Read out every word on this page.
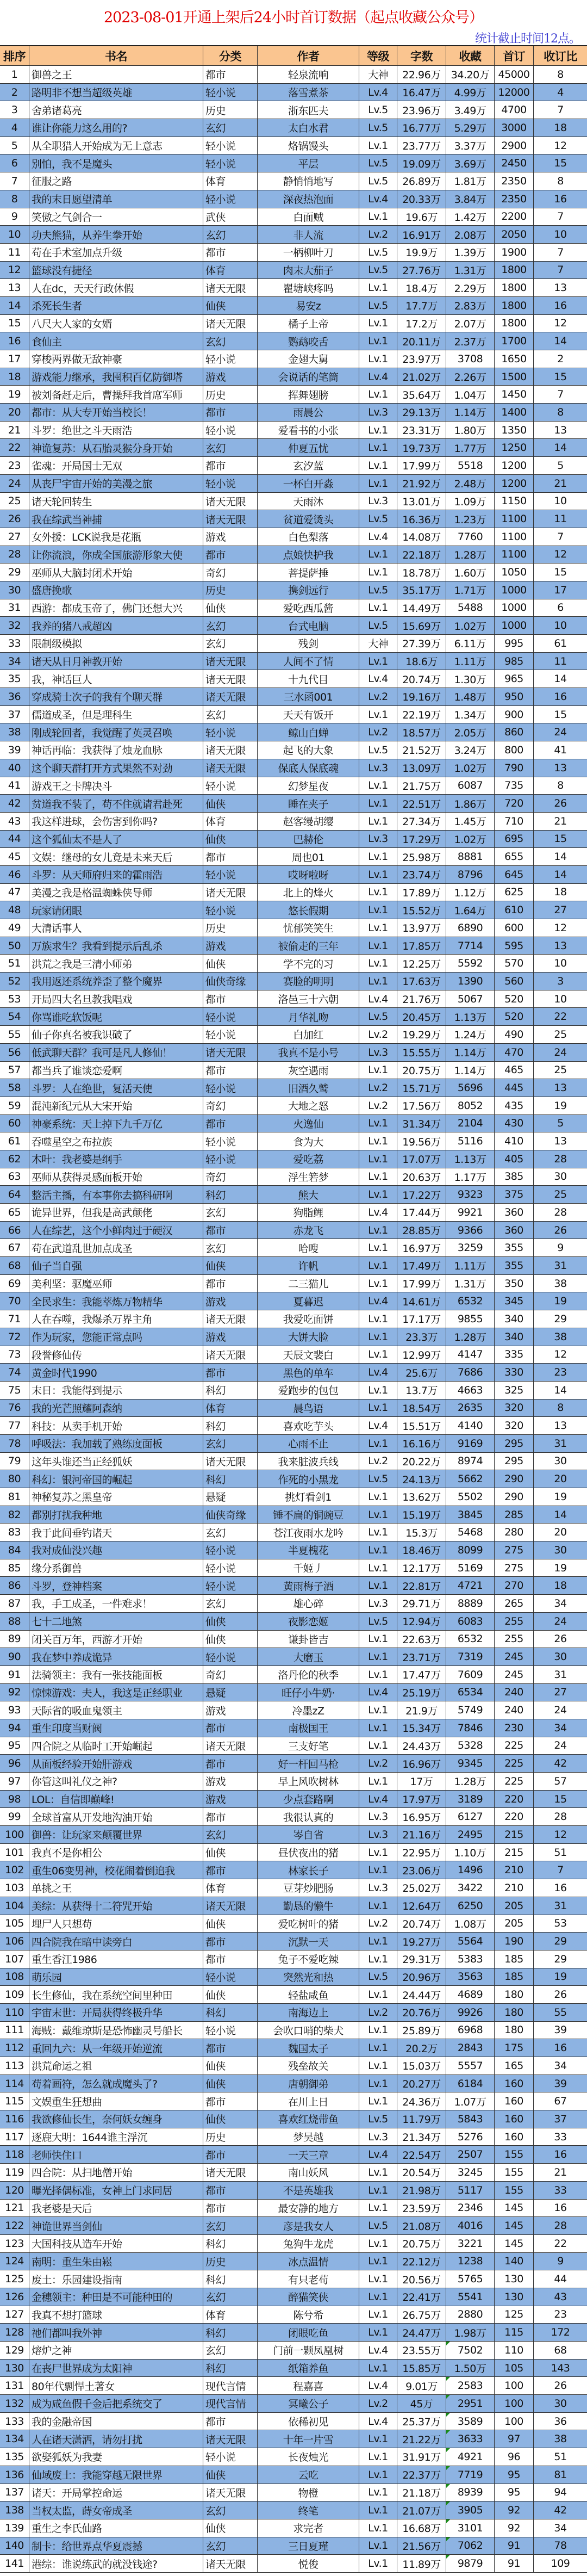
2023-08-01开通上架后24小时首订数据（起点收藏公众号）
统计截止时间12点。
排序	书名	分类	作者	等级	字数	收藏	首订	收订比
1	御兽之王	都市	轻泉流响	大神	22.96万	34.20万 45000	8
2	路明非不想当超级英雄	轻小说	落雪煮茶	Lv.4	16.47万	4.99万	12000	4
3	舍弟诸葛亮	历史	浙东匹夫	Lv.5	23.96万	3.49万	4700	7
4	谁让你能力这么用的?	玄幻	太白水君	Lv.5	16.77万	5.29万	3000	18
5	从全职猎人开始成为无上意志	轻小说	烙锅馒头	Lv.1	23.77万	3.37万	2900	12
6	别怕，我不是魔头	轻小说	平层	Lv.5	19.09万	3.69万	2450	15
7	征服之路	体育	静悄悄地写	Lv.5	26.89万	1.81万	2350	8
8	我的末日愿望清单	轻小说	深夜热泡面	Lv.4	20.33万	3.84万	2350	16
9	笑傲之气剑合一	武侠	白面贼	Lv.1	19.6万	1.42万	2200	7
10	功夫熊猫，从养生拳开始	玄幻	非人流	Lv.2	16.91万	2.08万	2050	10
11	苟在手术室加点升级	都市	一柄柳叶刀	Lv.5	19.9万	1.39万	1900	7
12	篮球没有捷径	体育	肉末大茄子	Lv.5	27.76万	1.31万	1800	7
13	人在dc，天天行政休假	诸天无限	瞿塘峡疼吗	Lv.1	18.4万	2.29万	1800	13
14	杀死长生者	仙侠	易安z	Lv.5	17.7万	2.83万	1800	16
15	八尺大人家的女婿	诸天无限	橘子上帝	Lv.1	17.2万	2.07万	1800	12
16	食仙主	玄幻	鹦鹉咬舌	Lv.1	20.11万	2.37万	1700	14
17	穿梭两界做无敌神豪	轻小说	金翅大舅	Lv.1	23.97万	3708	1650	2
18	游戏能力继承，我囤积百亿防御塔	游戏	会说话的笔筒	Lv.4	21.02万	2.26万	1500	15
19	被刘备赶走后，曹操拜我首席军师	历史	挥舞翅膀	Lv.1	35.64万	1.04万	1450	7
20	都市：从大专开始当校长！	都市	雨晨公	Lv.3	29.13万	1.14万	1400	8
21	斗罗：绝世之斗天雨浩	轻小说	爱看书的小张	Lv.1	23.31万	1.80万	1350	13
22	神诡复苏：从石胎灵猴分身开始	玄幻	仲夏五忧	Lv.1	19.73万	1.77万	1250	14
23	雀魂：开局国士无双	都市	玄汐蓝	Lv.1	17.99万	5518	1200	5
24	从丧尸宇宙开始的美漫之旅	轻小说	一杯白开淼	Lv.1	21.92万	2.48万	1200	21
25	诸天轮回转生	诸天无限	天雨沐	Lv.3	13.01万	1.09万	1150	10
26	我在综武当神捕	诸天无限	贫道爱烫头	Lv.5	16.36万	1.23万	1100	11
27	女外援：LCK说我是花瓶	游戏	白色梨落	Lv.4	14.08万	7760	1100	7
28	让你流浪，你成全国旅游形象大使	都市	点娘快护我	Lv.1	22.18万	1.28万	1100	12
29	巫师从大脑封闭术开始	奇幻	菩提萨捶	Lv.1	18.78万	1.60万	1050	15
30	盛唐挽歌	历史	携剑远行	Lv.5	35.17万	1.71万	1000	17
31	西游：都成玉帝了，佛门还想大兴	仙侠	爱吃西瓜酱	Lv.1	14.49万	5488	1000	6
32	我养的猪八戒超凶	玄幻	台式电脑	Lv.5	15.69万	1.02万	1000	10
33	限制级模拟	玄幻	残剑	大神	27.39万	6.11万	995	61
34	诸天从日月神教开始	诸天无限	人间不了情	Lv.1	18.6万	1.11万	985	11
35	我，神话巨人	诸天无限	十九代目	Lv.4	20.74万	1.30万	965	14
36	穿成骑士次子的我有个聊天群	诸天无限	三水函001	Lv.2	19.16万	1.48万	950	16
37	儒道成圣，但是理科生	玄幻	天天有饭开	Lv.1	22.19万	1.34万	900	15
38	刚成轮回者，我觉醒了英灵召唤	轻小说	鲸山白蝉	Lv.2	18.57万	2.05万	860	24
39	神话再临：我获得了烛龙血脉	诸天无限	起飞的大象	Lv.5	21.52万	3.24万	800	41
40	这个聊天群打开方式果然不对劲	诸天无限	保底人保底魂	Lv.3	13.09万	1.02万	790	13
41	游戏王之卡牌决斗	轻小说	幻梦星夜	Lv.1	21.75万	6087	735	8
42	贫道我不装了，苟不住就请君赴死	仙侠	睡在夹子	Lv.1	22.51万	1.86万	720	26
43	我这样进球，会伤害到你吗?	体育	赵客缦胡缨	Lv.1	27.34万	1.45万	710	21
44	这个狐仙太不是人了	仙侠	巴赫伦	Lv.3	17.29万	1.02万	695	15
45	文娱：继母的女儿竟是未来天后	都市	周也01	Lv.1	25.98万	8881	655	14
46	斗罗：从天师府归来的霍雨浩	轻小说	哎呀啦呀	Lv.1	23.74万	8796	645	14
47	美漫之我是格温蜘蛛侠导师	诸天无限	北上的烽火	Lv.1	17.89万	1.12万	625	18
48	玩家请闭眼	轻小说	悠长假期	Lv.1	15.52万	1.64万	610	27
49	大清话事人	历史	忧郁笑笑生	Lv.1	13.97万	6890	600	12
50	万族求生？我看到提示后乱杀	游戏	被偷走的三年	Lv.1	17.85万	7714	595	13
51	洪荒之我是三清小师弟	仙侠	学不完的习	Lv.1	12.25万	5592	570	10
52	我用返还系统养歪了整个魔界	仙侠奇缘	赛脸的明明	Lv.1	17.63万	1390	560	3
53	开局四大名旦教我唱戏	都市	洛邑三十六朝	Lv.4	21.76万	5067	520	10
54	你骂谁吃软饭呢	轻小说	月华礼吻	Lv.5	20.45万	1.13万	520	22
55	仙子你真名被我识破了	轻小说	白加红	Lv.2	19.29万	1.24万	490	25
56	低武聊天群？我可是凡人修仙！	诸天无限	我真不是小号	Lv.3	15.55万	1.14万	470	24
57	都当兵了谁谈恋爱啊	都市	灰空遇雨	Lv.1	20.75万	1.14万	465	25
58	斗罗：人在绝世，复活天使	轻小说	旧酒久鹫	Lv.2	15.71万	5696	445	13
59	混沌新纪元从大宋开始	奇幻	大地之怒	Lv.2	17.56万	8052	435	19
60	神豪系统：天上掉下九千万亿	都市	火逸仙	Lv.1	31.34万	2104	430	5
61	吞噬星空之布拉族	轻小说	食为大	Lv.1	19.56万	5116	410	13
62	木叶：我老婆是纲手	轻小说	爱吃荔	Lv.1	17.07万	1.13万	405	28
63	巫师从获得灵感面板开始	奇幻	浮生箬梦	Lv.1	20.63万	1.17万	385	30
64	整活主播，有本事你去搞科研啊	科幻	熊大	Lv.1	17.22万	9323	375	25
65	诡异世界，但我是高武颠佬	玄幻	狗脂鲤	Lv.4	17.44万	9921	360	28
66	人在综艺，这个小鲜肉过于硬汉	都市	赤龙飞	Lv.1	28.85万	9366	360	26
67	苟在武道乱世加点成圣	玄幻	哈嗖	Lv.1	16.97万	3259	355	9
68	仙子当自强	仙侠	许帆	Lv.1	17.49万	1.11万	355	31
69	美利坚：驱魔巫师	都市	二三猫儿	Lv.1	17.99万	1.31万	350	38
70	全民求生：我能萃炼万物精华	游戏	夏暮迟	Lv.4	14.61万	6532	345	19
71	人在吞噬，我爆杀万界主角	诸天无限	我爱吃面饼	Lv.1	17.17万	9855	340	29
72	作为玩家，您能正常点吗	游戏	大饼大脸	Lv.1	23.3万	1.28万	340	38
73	段誉修仙传	诸天无限	天辰文裴白	Lv.1	12.99万	4147	335	12
74	黄金时代1990	都市	黑色的单车	Lv.4	25.6万	7686	330	23
75	末日：我能得到提示	科幻	爱跑步的包包	Lv.1	13.7万	4663	325	14
76	我的光芒照耀阿森纳	体育	晨鸟语	Lv.1	18.54万	2635	320	8
77	科技：从卖手机开始	科幻	喜欢吃芋头	Lv.4	15.51万	4140	320	13
78	呼吸法：我加载了熟练度面板	玄幻	心雨不止	Lv.1	16.16万	9169	295	31
79	这年头谁还当正经狐妖	诸天无限	我来脏波兵线	Lv.2	20.22万	8974	295	30
80	科幻：银河帝国的崛起	科幻	作死的小黑龙	Lv.5	24.13万	5662	290	20
81	神秘复苏之黑皇帝	悬疑	挑灯看剑1	Lv.1	13.62万	5502	290	19
82	都别打扰我种地	仙侠奇缘	锤不扁的铜豌豆	Lv.1	15.19万	3845	285	14
83	我于此间垂钓诸天	玄幻	苍江夜雨水龙吟	Lv.1	15.3万	5468	280	20
84	我对成仙没兴趣	轻小说	半夏槐花	Lv.1	18.46万	8099	275	30
85	缘分系御兽	轻小说	千姬丿	Lv.1	12.17万	5169	275	19
86	斗罗，登神档案	轻小说	黄雨梅子酒	Lv.1	22.81万	4721	270	18
87	我，手工成圣，一件难求！	玄幻	雄心碎	Lv.3	29.71万	8889	265	34
88	七十二地煞	仙侠	夜影恋姬	Lv.5	12.94万	6083	255	24
89	闭关百万年，西游才开始	仙侠	谦卦皆吉	Lv.1	22.63万	6532	255	26
90	我在梦中养成诡异	轻小说	大磨玉	Lv.1	23.71万	7319	245	30
91	法骑领主：我有一张技能面板	奇幻	洛丹伦的秋季	Lv.1	17.47万	7609	245	31
92	惊悚游戏：夫人，我这是正经职业	悬疑	旺仔小牛奶·	Lv.4	25.19万	6534	240	27
93	天际省的吸血鬼领主	游戏	冷墨zZ	Lv.1	21.9万	5749	240	24
94	重生印度当财阀	都市	南极国王	Lv.1	15.34万	7846	230	34
95	四合院之从临时工开始崛起	诸天无限	三支好笔	Lv.1	24.43万	5328	225	24
96	从面板经验开始肝游戏	都市	好一杆回马枪	Lv.2	16.96万	9345	225	42
97	你管这叫礼仪之神?	游戏	早上风吹树林	Lv.1	17万	1.28万	225	57
98	LOL：自信即巅峰!	游戏	少点套路啊	Lv.4	17.97万	3189	220	15
99	全球首富从开发地沟油开始	都市	我很认真的	Lv.3	16.95万	6127	220	28
100 御兽：让玩家来颠覆世界	玄幻	岑自省	Lv.3	21.16万	2495	215	12
101 我真不是你相公	仙侠	昼伏夜出的猪	Lv.1	22.95万	1.10万	215	51
102 重生06变男神，校花闹着倒追我	都市	林家长子	Lv.1	23.06万	1496	210	7
103 单挑之王	体育	豆芽炒肥肠	Lv.3	25.02万	3422	210	16
104 美综：从获得十二符咒开始	诸天无限	勤恳的懒牛	Lv.1	12.64万	6250	205	31
105 埋尸人只想苟	仙侠	爱吃树叶的猪	Lv.2	20.74万	1.08万	205	53
106 四合院我在暗中读旁白	都市	沉默一天	Lv.1	19.27万	5564	190	29
107 重生香江1986	都市	兔子不爱吃辣	Lv.1	29.31万	5383	185	29
108 萌乐园	轻小说	突然光和热	Lv.5	20.96万	3563	185	19
109 长生修仙，我在系统空间里种田	仙侠	轻盐咸鱼	Lv.1	24.44万	4689	180	26
110 宇宙末世：开局获得终极升华	科幻	南海边上	Lv.2	20.76万	9926	180	55
111 海贼：戴维琼斯是恐怖幽灵号船长	轻小说	会吹口哨的柴犬	Lv.1	25.89万	6968	180	39
112 重回九六：从一年级开始逆流	都市	魏国太子	Lv.1	20.2万	2843	175	16
113 洪荒命运之祖	仙侠	残垒故关	Lv.1	15.03万	5557	165	34
114 苟着画符，怎么就成魔头了?	仙侠	唐朝御弟	Lv.1	20.27万	6184	160	39
115 文娱重生狂想曲	都市	在川上日	Lv.1	24.36万	1.07万	160	67
116 我欲修仙长生，奈何妖女缠身	仙侠	喜欢红烧带鱼	Lv.5	11.79万	5843	160	37
117 逐鹿大明：1644谁主浮沉	历史	梦吴越	Lv.3	21.34万	5276	160	33
118 老师快住口	都市	一天三章	Lv.4	22.54万	2507	155	16
119 四合院：从扫地僧开始	诸天无限	南山妖风	Lv.1	20.54万	3245	155	21
120 曝光择偶标准，女神上门求同居	都市	不是英雄我	Lv.1	21.98万	5117	155	33
121 我老婆是天后	都市	最安静的地方	Lv.1	23.59万	2346	145	16
122 神诡世界当剑仙	玄幻	彦是我女人	Lv.5	21.08万	4016	145	28
123 大国科技从造车开始	科幻	兔狗牛龙虎	Lv.1	20.75万	3221	145	22
124 南明：重生朱由崧	历史	冰点温情	Lv.1	22.12万	1238	140	9
125 废土：乐园建设指南	科幻	有只老苟	Lv.1	20.56万	5765	130	44
126 金穗领主：种田是不可能种田的	玄幻	醉猫笑侠	Lv.1	22.41万	5541	130	43
127 我真不想打篮球	体育	陈兮希	Lv.1	26.75万	2880	125	23
128 祂们都叫我外神	科幻	闭眼吃鱼	Lv.1	24.47万	1.98万	115	172
129 熔炉之神	玄幻	门前一颗凤凰树	Lv.4	23.55万	7502	110	68
130 在丧尸世界成为太阳神	科幻	纸箱养鱼	Lv.1	15.85万	1.50万	105	143
131 80年代剽悍土著女	现代言情	程嘉喜	Lv.4	9.01万	2583	100	26
132 成为咸鱼假千金后把系统交了	现代言情	冥曦公子	Lv.2	45万	2951	100	30
133 我的金融帝国	都市	依稀初见	Lv.4	25.37万	3589	100	36
134 人在诸天潇洒，请勿打扰	诸天无限	十年一片雪	Lv.1	21.22万	3633	97	38
135 欲娶狐妖为我妻	轻小说	长夜烛光	Lv.1	31.91万	4921	96	51
136 仙域废土：我能穿越无限世界	仙侠	云吃	Lv.1	22.37万	7719	95	81
137 诸天：开局掌控命运	诸天无限	物橙	Lv.1	21.18万	8939	95	94
138 当权太监，蒔女帝成圣	玄幻	终笔	Lv.1	21.07万	3905	92	42
139 重生之李氏仙路	仙侠	求完者	Lv.1	16.68万	3101	92	34
140 制卡：给世界点华夏震撼	玄幻	三日夏瑾	Lv.1	21.56万	7062	91	78
141 港综：谁说练武的就没钱途?	诸天无限	悦俊	Lv.1	11.89万	9879	91	109
